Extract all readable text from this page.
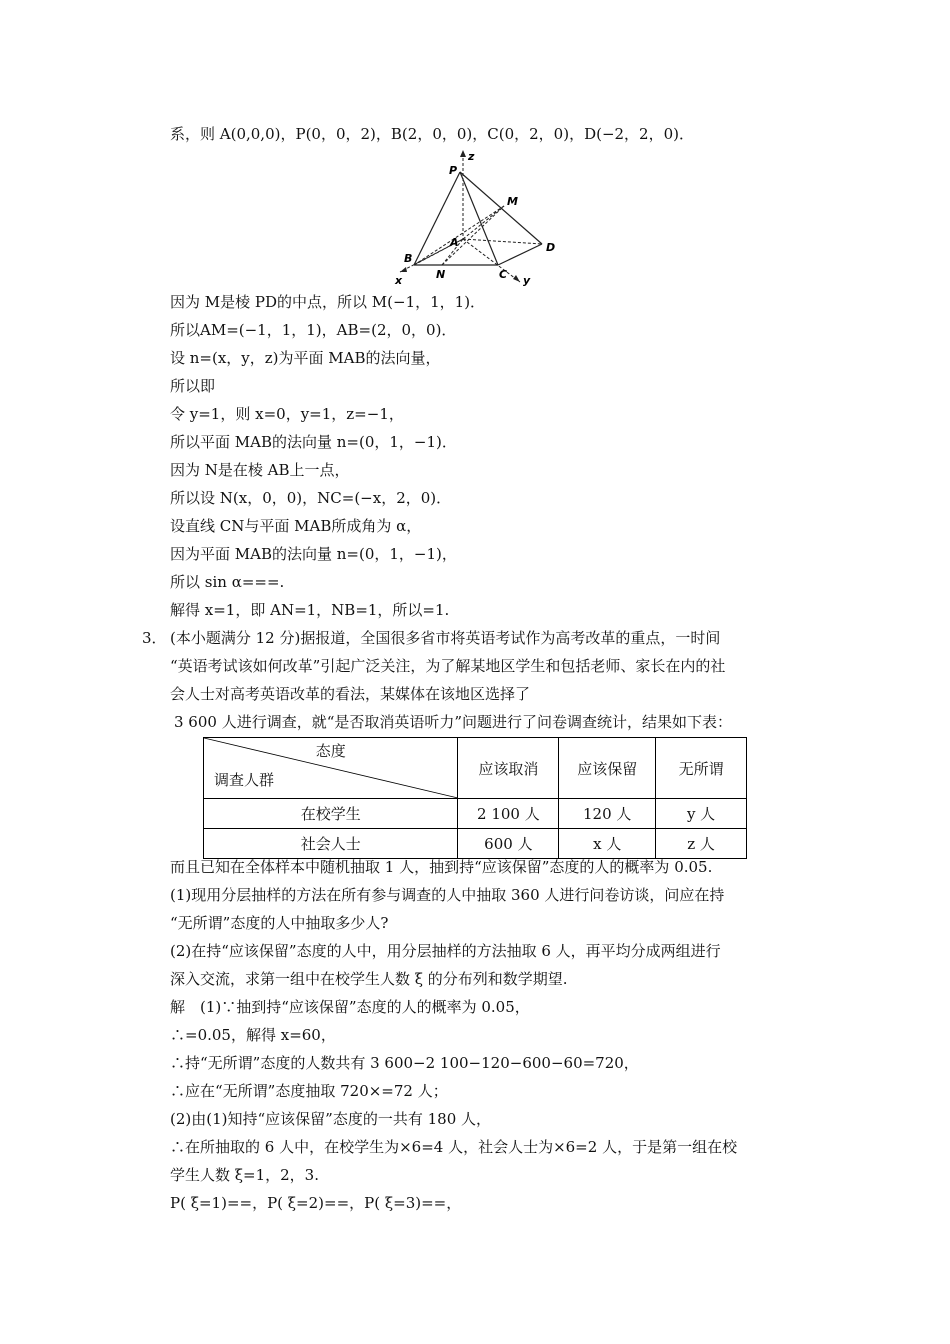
系，则 A(0,0,0)，P(0，0，2)，B(2，0，0)，C(0，2，0)，D(−2，2，0)．
P
z
M
A	D
B
N	C
x	y
因为 M是棱 PD的中点，所以 M(−1，1，1)．
所以AM=(−1，1，1)，AB=(2，0，0)．
设 n=(x，y，z)为平面 MAB的法向量，
所以即
令 y=1，则 x=0，y=1，z=−1，
所以平面 MAB的法向量 n=(0，1，−1)．
因为 N是在棱 AB上一点，
所以设 N(x，0，0)，NC=(−x，2，0)．
设直线 CN与平面 MAB所成角为 α，
因为平面 MAB的法向量 n=(0，1，−1)，
所以 sin α===.
解得 x=1，即 AN=1，NB=1，所以=1.
3． (本小题满分 12 分)据报道，全国很多省市将英语考试作为高考改革的重点，一时间
“英语考试该如何改革”引起广泛关注，为了解某地区学生和包括老师、家长在内的社
会人士对高考英语改革的看法，某媒体在该地区选择了
3 600 人进行调查，就“是否取消英语听力”问题进行了问卷调查统计，结果如下表：
态度
调查人群	应该取消	应该保留	无所谓
在校学生	2 100 人	120 人	y 人
社会人士	600 人	x 人	z 人
而且已知在全体样本中随机抽取 1 人，抽到持“应该保留”态度的人的概率为 0.05.
(1)现用分层抽样的方法在所有参与调查的人中抽取 360 人进行问卷访谈，问应在持
“无所谓”态度的人中抽取多少人?
(2)在持“应该保留”态度的人中，用分层抽样的方法抽取 6 人，再平均分成两组进行
深入交流，求第一组中在校学生人数 ξ 的分布列和数学期望.
解　(1)∵抽到持“应该保留”态度的人的概率为 0.05，
∴=0.05，解得 x=60，
∴持“无所谓”态度的人数共有 3 600−2 100−120−600−60=720，
∴应在“无所谓”态度抽取 720×=72 人；
(2)由(1)知持“应该保留”态度的一共有 180 人，
∴在所抽取的 6 人中，在校学生为×6=4 人，社会人士为×6=2 人，于是第一组在校
学生人数 ξ=1，2，3.
P( ξ=1)==，P( ξ=2)==，P( ξ=3)==，
